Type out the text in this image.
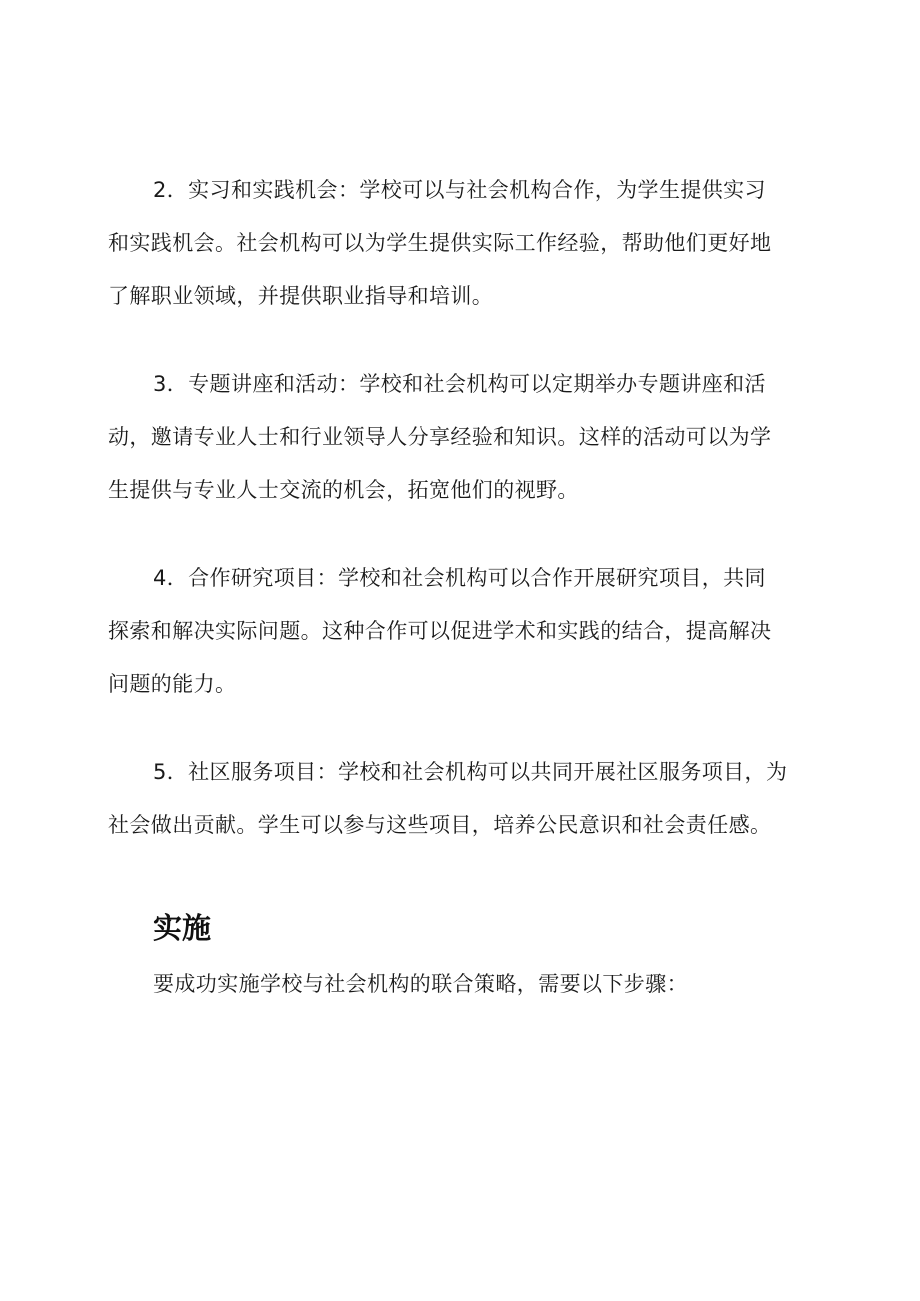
2．实习和实践机会：学校可以与社会机构合作，为学生提供实习
和实践机会。社会机构可以为学生提供实际工作经验，帮助他们更好地
了解职业领域，并提供职业指导和培训。
3．专题讲座和活动：学校和社会机构可以定期举办专题讲座和活
动，邀请专业人士和行业领导人分享经验和知识。这样的活动可以为学
生提供与专业人士交流的机会，拓宽他们的视野。
4．合作研究项目：学校和社会机构可以合作开展研究项目，共同
探索和解决实际问题。这种合作可以促进学术和实践的结合，提高解决
问题的能力。
5．社区服务项目：学校和社会机构可以共同开展社区服务项目，为
社会做出贡献。学生可以参与这些项目，培养公民意识和社会责任感。
实施
要成功实施学校与社会机构的联合策略，需要以下步骤：
